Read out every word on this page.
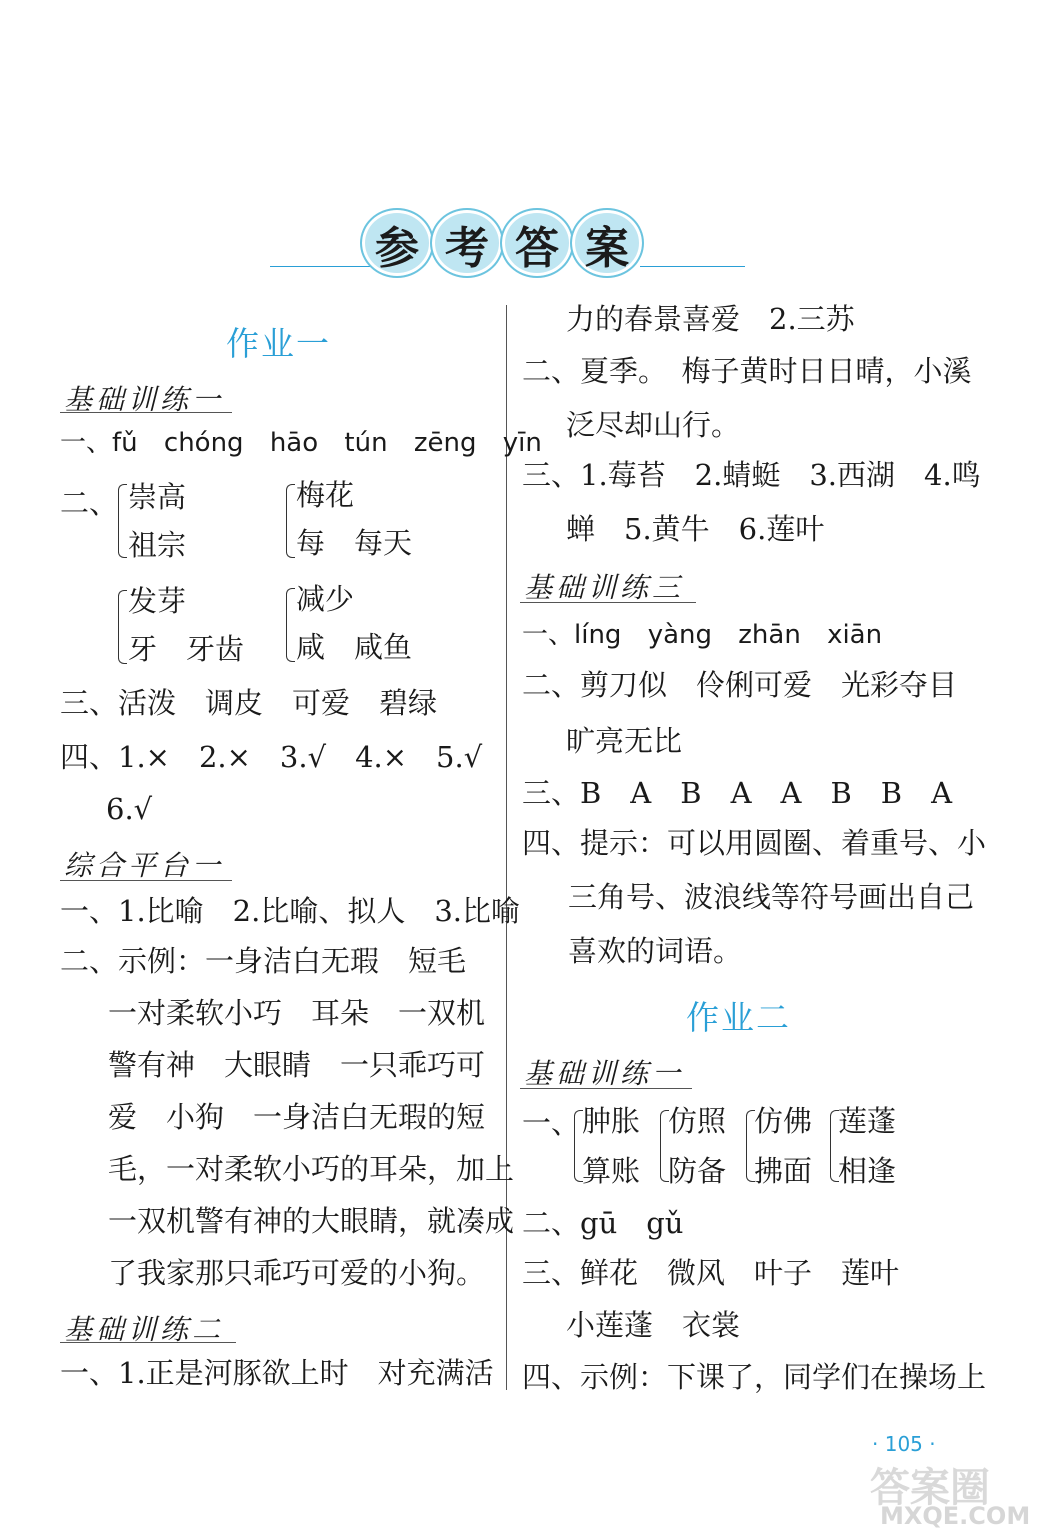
参 考 答 案
作业一
基础训练一
一、fǔ chóng hāo tún zēng yīn
二、 崇高
祖宗
梅花
每　每天
发芽
牙　牙齿
减少
咸　咸鱼
三、活泼　调皮　可爱　碧绿
四、1.×　2.×　3.√　4.×　5.√
6.√
综合平台一
一、1.比喻　2.比喻、拟人　3.比喻
二、示例：一身洁白无瑕　短毛
一对柔软小巧　耳朵　一双机
警有神　大眼睛　一只乖巧可
爱　小狗　一身洁白无瑕的短
毛，一对柔软小巧的耳朵，加上
一双机警有神的大眼睛，就凑成
了我家那只乖巧可爱的小狗。
基础训练二
一、1.正是河豚欲上时　对充满活
力的春景喜爱　2.三苏
二、夏季。　梅子黄时日日晴，小溪
泛尽却山行。
三、1.莓苔　2.蜻蜓　3.西湖　4.鸣
蝉　5.黄牛　6.莲叶
基础训练三
一、líng yàng zhān xiān
二、剪刀似　伶俐可爱　光彩夺目
旷亮无比
三、B　A　B　A　A　B　B　A
四、提示：可以用圆圈、着重号、小
三角号、波浪线等符号画出自己
喜欢的词语。
作业二
基础训练一
一、 肿胀
算账
仿照
防备
仿佛
拂面
莲蓬
相逢
二、gū　gǔ
三、鲜花　微风　叶子　莲叶
小莲蓬　衣裳
四、示例：下课了，同学们在操场上
· 105 ·
答案圈
MXQE.COM
